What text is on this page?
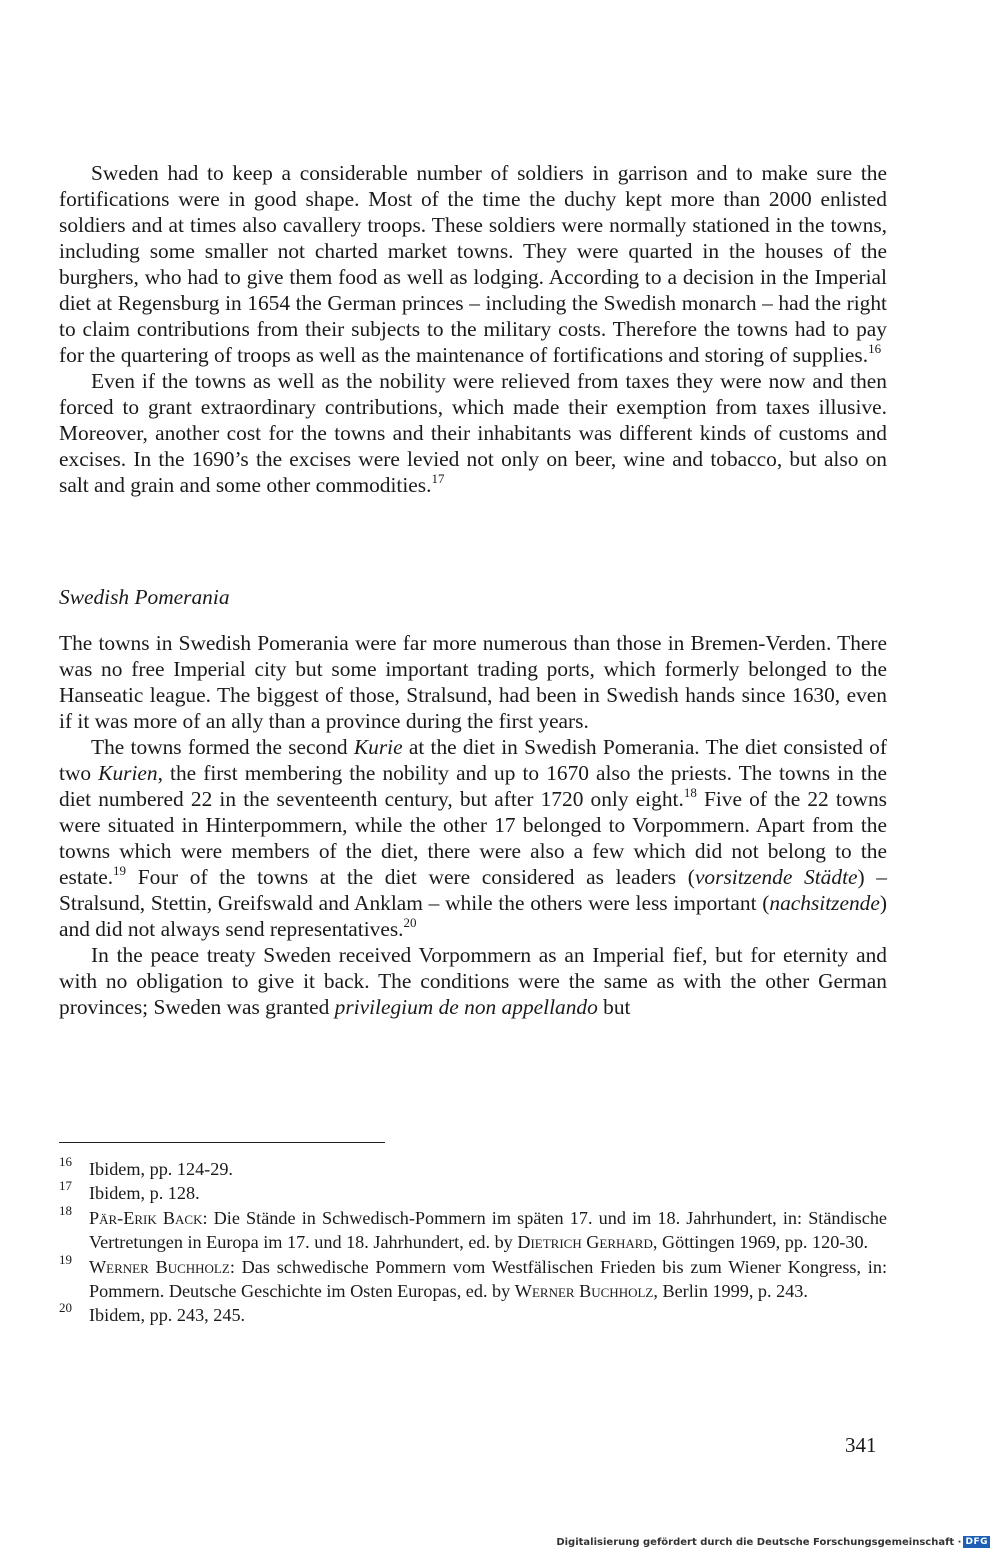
Sweden had to keep a considerable number of soldiers in garrison and to make sure the fortifications were in good shape. Most of the time the duchy kept more than 2000 enlisted soldiers and at times also cavallery troops. These soldiers were normally stationed in the towns, including some smaller not charted market towns. They were quarted in the houses of the burghers, who had to give them food as well as lodging. According to a decision in the Imperial diet at Regensburg in 1654 the German princes – including the Swedish monarch – had the right to claim contributions from their subjects to the military costs. Therefore the towns had to pay for the quartering of troops as well as the maintenance of fortifications and storing of supplies.$^{16}$

Even if the towns as well as the nobility were relieved from taxes they were now and then forced to grant extraordinary contributions, which made their exemption from taxes illusive. Moreover, another cost for the towns and their inhabitants was different kinds of customs and excises. In the 1690’s the excises were levied not only on beer, wine and tobacco, but also on salt and grain and some other commodities.$^{17}$

Swedish Pomerania

The towns in Swedish Pomerania were far more numerous than those in Bremen-Verden. There was no free Imperial city but some important trading ports, which formerly belonged to the Hanseatic league. The biggest of those, Stralsund, had been in Swedish hands since 1630, even if it was more of an ally than a province during the first years.

The towns formed the second Kurie at the diet in Swedish Pomerania. The diet consisted of two Kurien, the first membering the nobility and up to 1670 also the priests. The towns in the diet numbered 22 in the seventeenth century, but after 1720 only eight.$^{18}$ Five of the 22 towns were situated in Hinterpommern, while the other 17 belonged to Vorpommern. Apart from the towns which were members of the diet, there were also a few which did not belong to the estate.$^{19}$ Four of the towns at the diet were considered as leaders (vorsitzende Städte) – Stralsund, Stettin, Greifswald and Anklam – while the others were less important (nachsitzende) and did not always send representatives.$^{20}$

In the peace treaty Sweden received Vorpommern as an Imperial fief, but for eternity and with no obligation to give it back. The conditions were the same as with the other German provinces; Sweden was granted privilegium de non appellando but

16 Ibidem, pp. 124-29.
17 Ibidem, p. 128.
18 Pär-Erik Back: Die Stände in Schwedisch-Pommern im späten 17. und im 18. Jahrhundert, in: Ständische Vertretungen in Europa im 17. und 18. Jahrhundert, ed. by Dietrich Gerhard, Göttingen 1969, pp. 120-30.
19 Werner Buchholz: Das schwedische Pommern vom Westfälischen Frieden bis zum Wiener Kongress, in: Pommern. Deutsche Geschichte im Osten Europas, ed. by Werner Buchholz, Berlin 1999, p. 243.
20 Ibidem, pp. 243, 245.
341
Digitalisierung gefördert durch die Deutsche Forschungsgemeinschaft · DFG
